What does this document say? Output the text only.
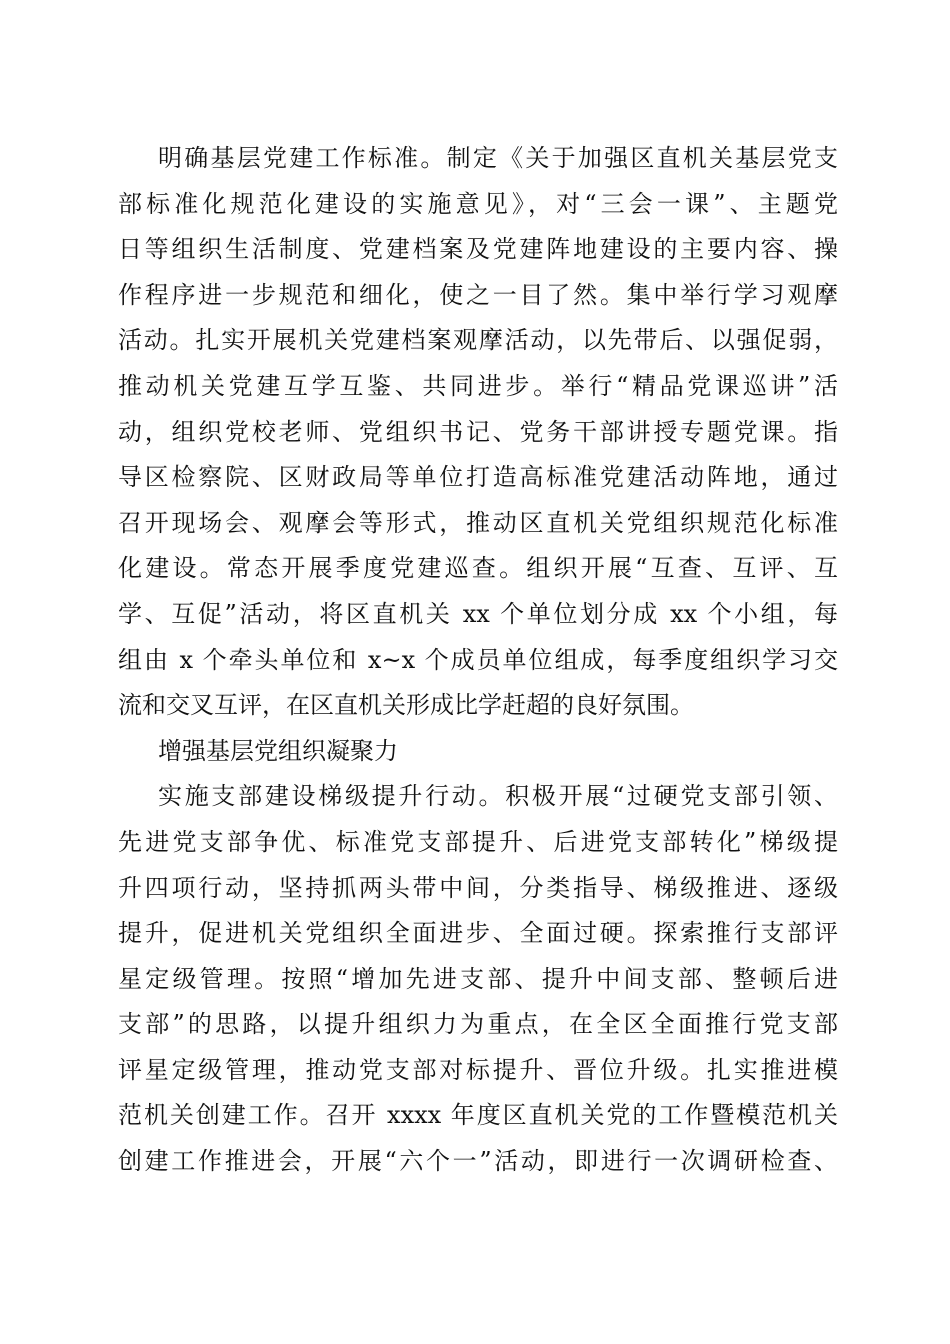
明确基层党建工作标准。制定《关于加强区直机关基层党支
部标准化规范化建设的实施意见》，对“三会一课”、主题党
日等组织生活制度、党建档案及党建阵地建设的主要内容、操
作程序进一步规范和细化，使之一目了然。集中举行学习观摩
活动。扎实开展机关党建档案观摩活动，以先带后、以强促弱，
推动机关党建互学互鉴、共同进步。举行“精品党课巡讲”活
动，组织党校老师、党组织书记、党务干部讲授专题党课。指
导区检察院、区财政局等单位打造高标准党建活动阵地，通过
召开现场会、观摩会等形式，推动区直机关党组织规范化标准
化建设。常态开展季度党建巡查。组织开展“互查、互评、互
学、互促”活动，将区直机关 xx 个单位划分成 xx 个小组，每
组由 x 个牵头单位和 x~x 个成员单位组成，每季度组织学习交
流和交叉互评，在区直机关形成比学赶超的良好氛围。
增强基层党组织凝聚力
实施支部建设梯级提升行动。积极开展“过硬党支部引领、
先进党支部争优、标准党支部提升、后进党支部转化”梯级提
升四项行动，坚持抓两头带中间，分类指导、梯级推进、逐级
提升，促进机关党组织全面进步、全面过硬。探索推行支部评
星定级管理。按照“增加先进支部、提升中间支部、整顿后进
支部”的思路，以提升组织力为重点，在全区全面推行党支部
评星定级管理，推动党支部对标提升、晋位升级。扎实推进模
范机关创建工作。召开 xxxx 年度区直机关党的工作暨模范机关
创建工作推进会，开展“六个一”活动，即进行一次调研检查、
